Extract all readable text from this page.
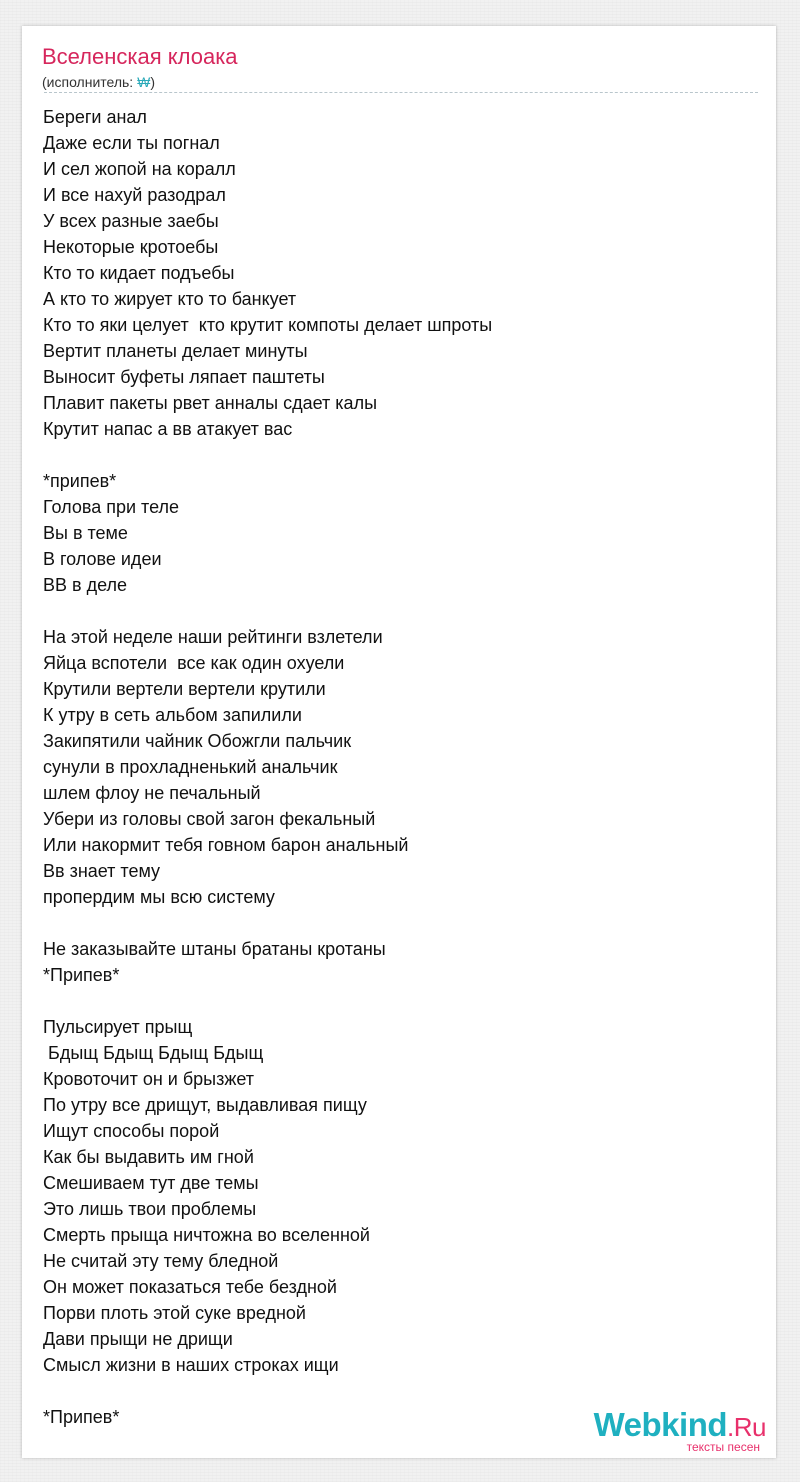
Вселенская клоака
(исполнитель: ₩)
Береги анал
Даже если ты погнал
И сел жопой на коралл
И все нахуй разодрал
У всех разные заебы
Некоторые кротоебы
Кто то кидает подъебы
А кто то жирует кто то банкует
Кто то яки целует  кто крутит компоты делает шпроты
Вертит планеты делает минуты
Выносит буфеты ляпает паштеты
Плавит пакеты рвет анналы сдает калы
Крутит напас а вв атакует вас
*припев*
Голова при теле
Вы в теме
В голове идеи
ВВ в деле
На этой неделе наши рейтинги взлетели
Яйца вспотели  все как один охуели
Крутили вертели вертели крутили
К утру в сеть альбом запилили
Закипятили чайник Обожгли пальчик
сунули в прохладненький анальчик
шлем флоу не печальный
Убери из головы свой загон фекальный
Или накормит тебя говном барон анальный
Вв знает тему
пропердим мы всю систему
Не заказывайте штаны братаны кротаны
*Припев*
Пульсирует прыщ
Бдыщ Бдыщ Бдыщ Бдыщ
Кровоточит он и брызжет
По утру все дрищут, выдавливая пищу
Ищут способы порой
Как бы выдавить им гной
Смешиваем тут две темы
Это лишь твои проблемы
Смерть прыща ничтожна во вселенной
Не считай эту тему бледной
Он может показаться тебе бездной
Порви плоть этой суке вредной
Дави прыщи не дрищи
Смысл жизни в наших строках ищи
*Припев*	Webkind.Ru
тексты песен
